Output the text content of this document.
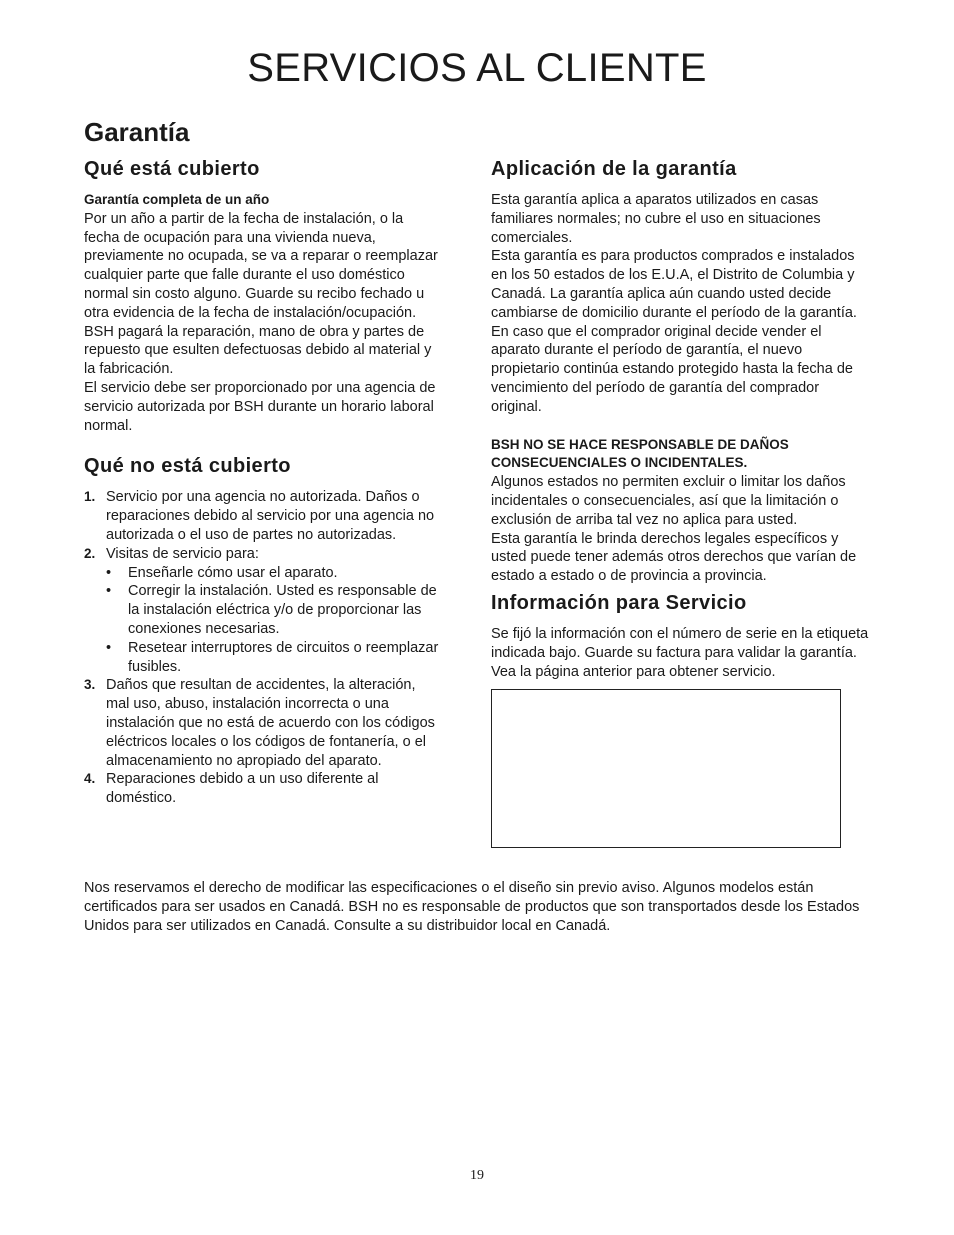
SERVICIOS AL CLIENTE
Garantía
Qué está cubierto

Garantía completa de un año

Por un año a partir de la fecha de instalación, o la fecha de ocupación para una vivienda nueva, previamente no ocupada, se va a reparar o reemplazar cualquier parte que falle durante el uso doméstico normal sin costo alguno. Guarde su recibo fechado u otra evidencia de la fecha de instalación/ocupación. BSH pagará la reparación, mano de obra y partes de repuesto que esulten defectuosas debido al material y la fabricación.

El servicio debe ser proporcionado por una agencia de servicio autorizada por BSH durante un horario laboral normal.

Qué no está cubierto
1. Servicio por una agencia no autorizada. Daños o reparaciones debido al servicio por una agencia no autorizada o el uso de partes no autorizadas.
2. Visitas de servicio para:
• Enseñarle cómo usar el aparato.
• Corregir la instalación. Usted es responsable de la instalación eléctrica y/o de proporcionar las conexiones necesarias.
• Resetear interruptores de circuitos o reemplazar fusibles.
3. Daños que resultan de accidentes, la alteración, mal uso, abuso, instalación incorrecta o una instalación que no está de acuerdo con los códigos eléctricos locales o los códigos de fontanería, o el almacenamiento no apropiado del aparato.
4. Reparaciones debido a un uso diferente al doméstico.
Aplicación de la garantía

Esta garantía aplica a aparatos utilizados en casas familiares normales; no cubre el uso en situaciones comerciales.

Esta garantía es para productos comprados e instalados en los 50 estados de los E.U.A, el Distrito de Columbia y Canadá. La garantía aplica aún cuando usted decide cambiarse de domicilio durante el período de la garantía. En caso que el comprador original decide vender el aparato durante el período de garantía, el nuevo propietario continúa estando protegido hasta la fecha de vencimiento del período de garantía del comprador original.

BSH NO SE HACE RESPONSABLE DE DAÑOS CONSECUENCIALES O INCIDENTALES.

Algunos estados no permiten excluir o limitar los daños incidentales o consecuenciales, así que la limitación o exclusión de arriba tal vez no aplica para usted.

Esta garantía le brinda derechos legales específicos y usted puede tener además otros derechos que varían de estado a estado o de provincia a provincia.

Información para Servicio

Se fijó la información con el número de serie en la etiqueta indicada bajo. Guarde su factura para validar la garantía. Vea la página anterior para obtener servicio.

Nos reservamos el derecho de modificar las especificaciones o el diseño sin previo aviso. Algunos modelos están certificados para ser usados en Canadá. BSH no es responsable de productos que son transportados desde los Estados Unidos para ser utilizados en Canadá. Consulte a su distribuidor local en Canadá.

19
